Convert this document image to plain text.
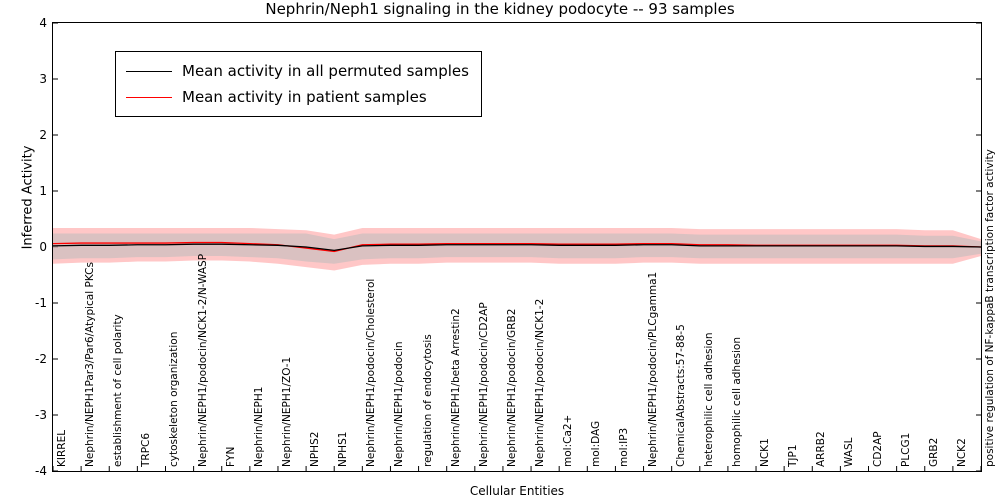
Nephrin/Neph1 signaling in the kidney podocyte -- 93 samples
Inferred Activity
Mean activity in all permuted samples
Mean activity in patient samples
-4
-3
-2
-1
0
1
2
3
4
KIRREL Nephrin/NEPH1Par3/Par6/Atypical PKCs establishment of cell polarity TRPC6 cytoskeleton organization Nephrin/NEPH1/podocin/NCK1-2/N-WASP FYN Nephrin/NEPH1 Nephrin/NEPH1/ZO-1 NPHS2 NPHS1 Nephrin/NEPH1/podocin/Cholesterol Nephrin/NEPH1/podocin regulation of endocytosis Nephrin/NEPH1/beta Arrestin2 Nephrin/NEPH1/podocin/CD2AP Nephrin/NEPH1/podocin/GRB2 Nephrin/NEPH1/podocin/NCK1-2 mol:Ca2+ mol:DAG mol:IP3 Nephrin/NEPH1/podocin/PLCgamma1 ChemicalAbstracts:57-88-5 heterophilic cell adhesion homophilic cell adhesion NCK1 TJP1 ARRB2 WASL CD2AP PLCG1 GRB2 NCK2 positive regulation of NF-kappaB transcription factor activity
Cellular Entities
